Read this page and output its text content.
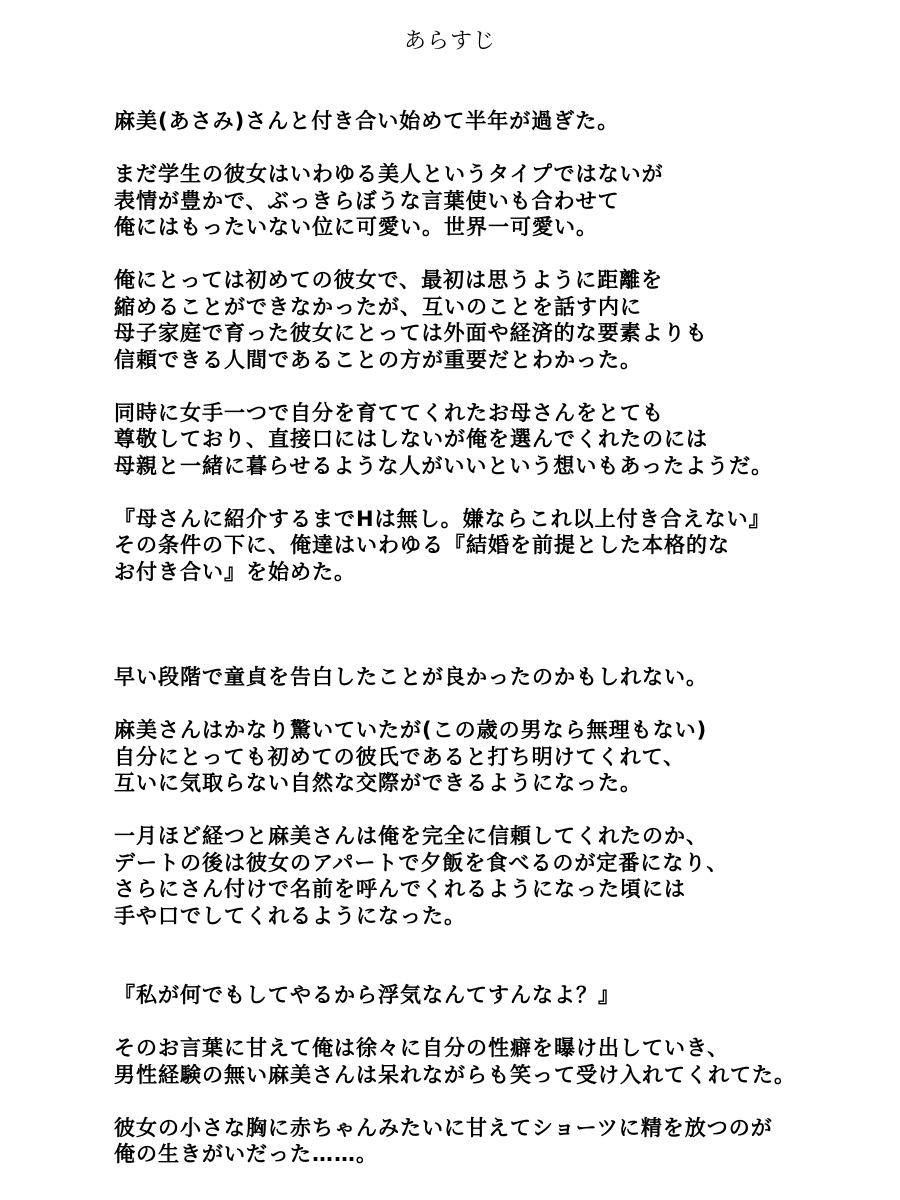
あらすじ
麻美(あさみ)さんと付き合い始めて半年が過ぎた。
まだ学生の彼女はいわゆる美人というタイプではないが
表情が豊かで、ぶっきらぼうな言葉使いも合わせて
俺にはもったいない位に可愛い。世界一可愛い。
俺にとっては初めての彼女で、最初は思うように距離を
縮めることができなかったが、互いのことを話す内に
母子家庭で育った彼女にとっては外面や経済的な要素よりも
信頼できる人間であることの方が重要だとわかった。
同時に女手一つで自分を育ててくれたお母さんをとても
尊敬しており、直接口にはしないが俺を選んでくれたのには
母親と一緒に暮らせるような人がいいという想いもあったようだ。
『母さんに紹介するまでHは無し。嫌ならこれ以上付き合えない』
その条件の下に、俺達はいわゆる『結婚を前提とした本格的な
お付き合い』を始めた。
早い段階で童貞を告白したことが良かったのかもしれない。
麻美さんはかなり驚いていたが(この歳の男なら無理もない)
自分にとっても初めての彼氏であると打ち明けてくれて、
互いに気取らない自然な交際ができるようになった。
一月ほど経つと麻美さんは俺を完全に信頼してくれたのか、
デートの後は彼女のアパートで夕飯を食べるのが定番になり、
さらにさん付けで名前を呼んでくれるようになった頃には
手や口でしてくれるようになった。
『私が何でもしてやるから浮気なんてすんなよ？』
そのお言葉に甘えて俺は徐々に自分の性癖を曝け出していき、
男性経験の無い麻美さんは呆れながらも笑って受け入れてくれてた。
彼女の小さな胸に赤ちゃんみたいに甘えてショーツに精を放つのが
俺の生きがいだった……。
